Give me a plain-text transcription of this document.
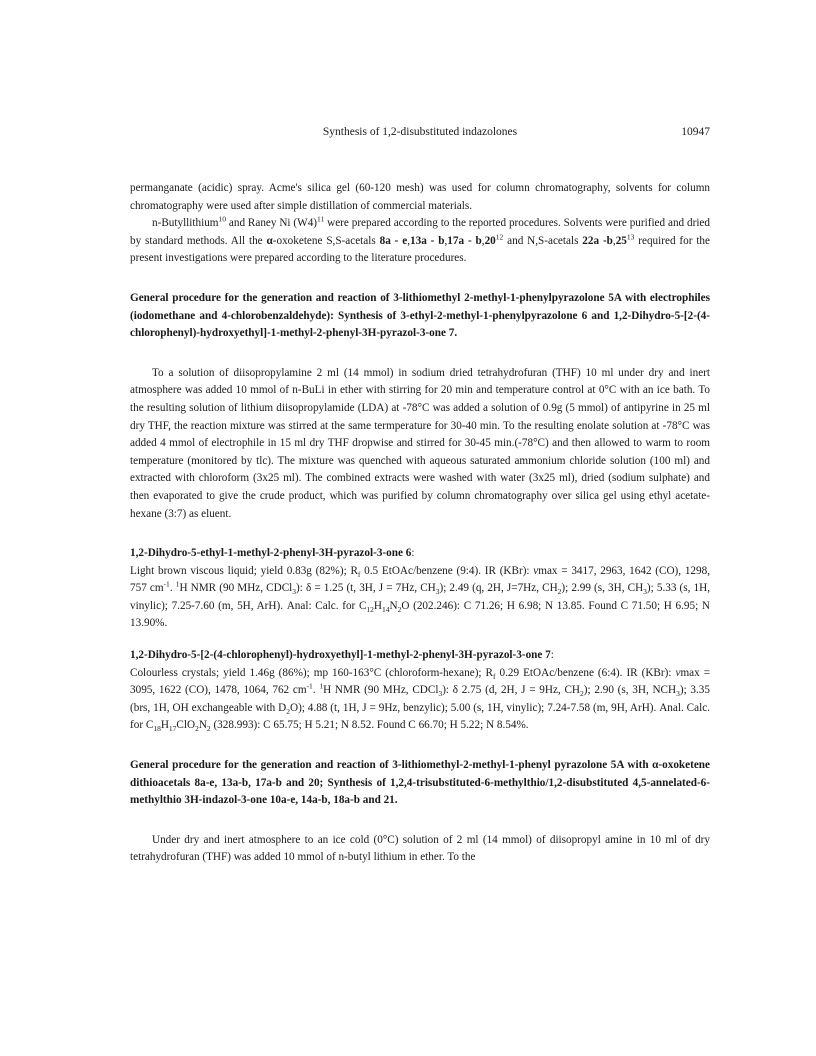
Synthesis of 1,2-disubstituted indazolones	10947

permanganate (acidic) spray. Acme's silica gel (60-120 mesh) was used for column chromatography, solvents for column chromatography were used after simple distillation of commercial materials.

n-Butyllithium$^{10}$ and Raney Ni $(W4)^{11}$ were prepared according to the reported procedures. Solvents were purified and dried by standard methods. All the α-oxoketene S,S-acetals $8a - e,13a - b,17a - b,20^{12}$ and N,S-acetals 22a $-b,25^{13}$ required for the present investigations were prepared according to the literature procedures.

General procedure for the generation and reaction of 3-lithiomethyl 2-methyl-1-phenylpyrazolone 5A with electrophiles (iodomethane and 4-chlorobenzaldehyde): Synthesis of 3-ethyl-2-methyl-1-phenylpyrazolone 6 and 1,2-Dihydro-5-[2-(4-chlorophenyl)-hydroxyethyl]-1-methyl-2-phenyl-3H-pyrazol-3-one 7.

To a solution of diisopropylamine 2 ml (14 mmol) in sodium dried tetrahydrofuran (THF) 10 ml under dry and inert atmosphere was added 10 mmol of n-BuLi in ether with stirring for 20 min and temperature control at 0°C with an ice bath. To the resulting solution of lithium diisopropylamide (LDA) at -78°C was added a solution of 0.9g (5 mmol) of antipyrine in 25 ml dry THF, the reaction mixture was stirred at the same termperature for 30-40 min. To the resulting enolate solution at -78°C was added 4 mmol of electrophile in 15 ml dry THF dropwise and stirred for 30-45 min.(-78°C) and then allowed to warm to room temperature (monitored by tlc). The mixture was quenched with aqueous saturated ammonium chloride solution (100 ml) and extracted with chloroform (3x25 ml). The combined extracts were washed with water (3x25 ml), dried (sodium sulphate) and then evaporated to give the crude product, which was purified by column chromatography over silica gel using ethyl acetate-hexane (3:7) as eluent.

1,2-Dihydro-5-ethyl-1-methyl-2-phenyl-3H-pyrazol-3-one 6:

Light brown viscous liquid; yield 0.83g (82%); $R_f$ 0.5 EtOAc/benzene (9:4). IR (KBr): νmax = 3417, 2963, 1642 (CO), 1298, 757 $cm^{-1}$. $^1$H NMR (90 MHz, CDCl$_3$): δ = 1.25 (t, 3H, J = 7Hz, $CH_3$); 2.49 (q, 2H, J=7Hz, $CH_2$); 2.99 (s, 3H, $CH_3$); 5.33 (s, 1H, vinylic); 7.25-7.60 (m, 5H, ArH). Anal: Calc. for $C_{12}H_{14}N_2O$ (202.246): C 71.26; H 6.98; N 13.85. Found C 71.50; H 6.95; N 13.90%.

1,2-Dihydro-5-[2-(4-chlorophenyl)-hydroxyethyl]-1-methyl-2-phenyl-3H-pyrazol-3-one 7:

Colourless crystals; yield 1.46g (86%); mp 160-163°C (chloroform-hexane); $R_f$ 0.29 EtOAc/benzene (6:4). IR (KBr): νmax = 3095, 1622 (CO), 1478, 1064, 762 $cm^{-1}$. $^1$H NMR (90 MHz, CDCl$_3$): δ 2.75 (d, 2H, J = 9Hz, $CH_2$); 2.90 (s, 3H, $NCH_3$); 3.35 (brs, 1H, OH exchangeable with $D_2O$); 4.88 (t, 1H, J = 9Hz, benzylic); 5.00 (s, 1H, vinylic); 7.24-7.58 (m, 9H, ArH). Anal. Calc. for $C_{18}H_{17}ClO_2N_2$ (328.993): C 65.75; H 5.21; N 8.52. Found C 66.70; H 5.22; N 8.54%.

General procedure for the generation and reaction of 3-lithiomethyl-2-methyl-1-phenyl pyrazolone 5A with α-oxoketene dithioacetals 8a-e, 13a-b, 17a-b and 20; Synthesis of 1,2,4-trisubstituted-6-methylthio/1,2-disubstituted 4,5-annelated-6-methylthio 3H-indazol-3-one 10a-e, 14a-b, 18a-b and 21.

Under dry and inert atmosphere to an ice cold (0°C) solution of 2 ml (14 mmol) of diisopropyl amine in 10 ml of dry tetrahydrofuran (THF) was added 10 mmol of n-butyl lithium in ether. To the
